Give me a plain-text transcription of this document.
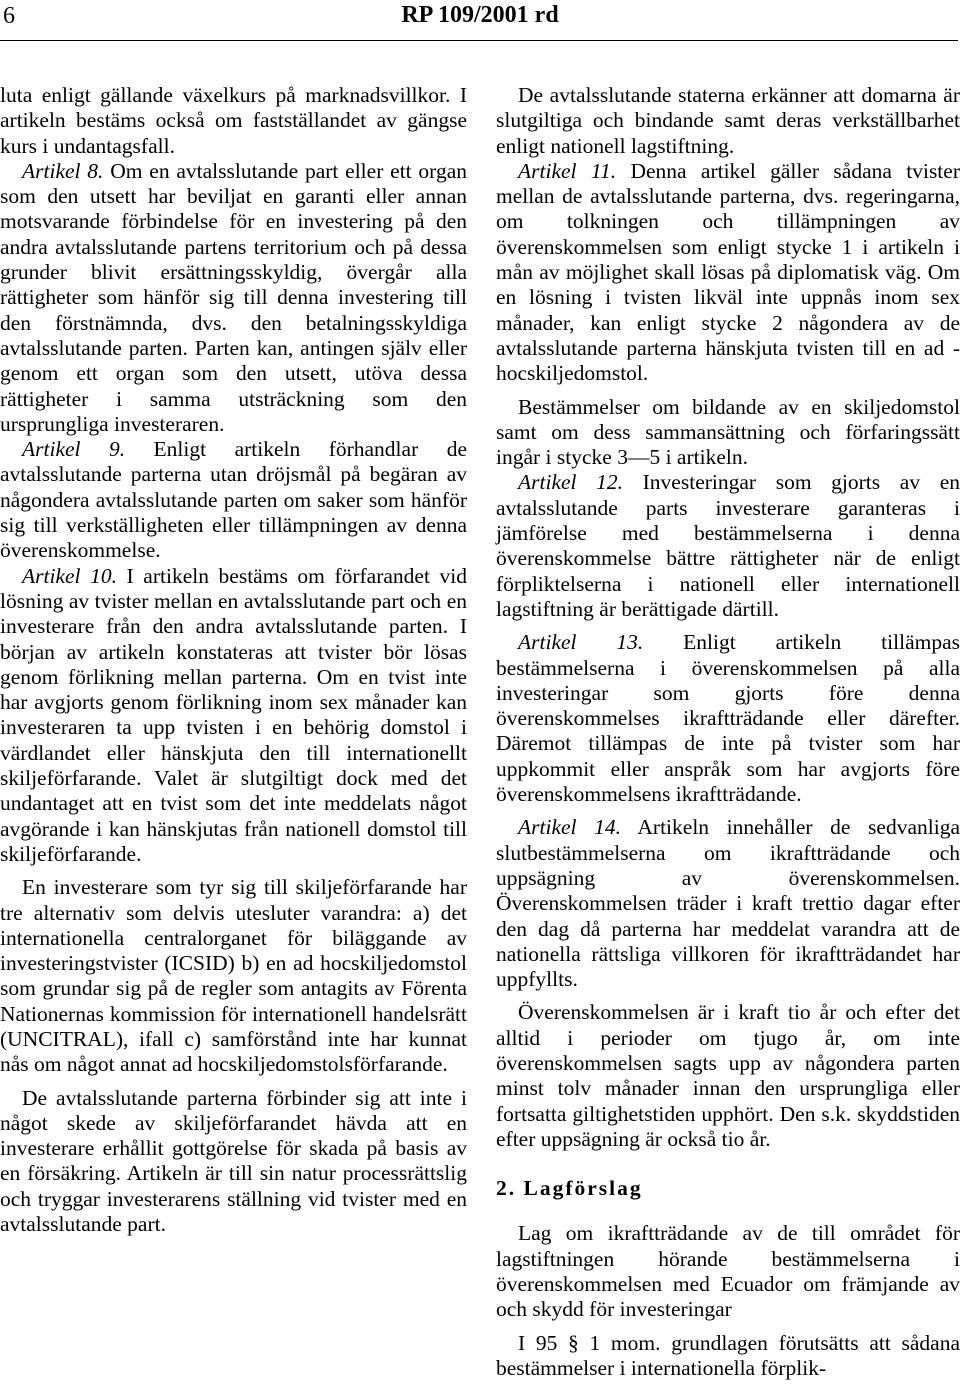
6	RP 109/2001 rd

luta enligt gällande växelkurs på marknadsvillkor. I artikeln bestäms också om fastställandet av gängse kurs i undantagsfall.

Artikel 8. Om en avtalsslutande part eller ett organ som den utsett har beviljat en garanti eller annan motsvarande förbindelse för en investering på den andra avtalsslutande partens territorium och på dessa grunder blivit ersättningsskyldig, övergår alla rättigheter som hänför sig till denna investering till den förstnämnda, dvs. den betalningsskyldiga avtalsslutande parten. Parten kan, antingen själv eller genom ett organ som den utsett, utöva dessa rättigheter i samma utsträckning som den ursprungliga investeraren.

Artikel 9. Enligt artikeln förhandlar de avtalsslutande parterna utan dröjsmål på begäran av någondera avtalsslutande parten om saker som hänför sig till verkställigheten eller tillämpningen av denna överenskommelse.

Artikel 10. I artikeln bestäms om förfarandet vid lösning av tvister mellan en avtalsslutande part och en investerare från den andra avtalsslutande parten. I början av artikeln konstateras att tvister bör lösas genom förlikning mellan parterna. Om en tvist inte har avgjorts genom förlikning inom sex månader kan investeraren ta upp tvisten i en behörig domstol i värdlandet eller hänskjuta den till internationellt skiljeförfarande. Valet är slutgiltigt dock med det undantaget att en tvist som det inte meddelats något avgörande i kan hänskjutas från nationell domstol till skiljeförfarande.

En investerare som tyr sig till skiljeförfarande har tre alternativ som delvis utesluter varandra: a) det internationella centralorganet för biläggande av investeringstvister (ICSID) b) en ad hocskiljedomstol som grundar sig på de regler som antagits av Förenta Nationernas kommission för internationell handelsrätt (UNCITRAL), ifall c) samförstånd inte har kunnat nås om något annat ad hocskiljedomstolsförfarande.

De avtalsslutande parterna förbinder sig att inte i något skede av skiljeförfarandet hävda att en investerare erhållit gottgörelse för skada på basis av en försäkring. Artikeln är till sin natur processrättslig och tryggar investerarens ställning vid tvister med en avtalsslutande part.

De avtalsslutande staterna erkänner att domarna är slutgiltiga och bindande samt deras verkställbarhet enligt nationell lagstiftning.

Artikel 11. Denna artikel gäller sådana tvister mellan de avtalsslutande parterna, dvs. regeringarna, om tolkningen och tillämpningen av överenskommelsen som enligt stycke 1 i artikeln i mån av möjlighet skall lösas på diplomatisk väg. Om en lösning i tvisten likväl inte uppnås inom sex månader, kan enligt stycke 2 någondera av de avtalsslutande parterna hänskjuta tvisten till en ad -hocskiljedomstol.

Bestämmelser om bildande av en skiljedomstol samt om dess sammansättning och förfaringssätt ingår i stycke 3—5 i artikeln.

Artikel 12. Investeringar som gjorts av en avtalsslutande parts investerare garanteras i jämförelse med bestämmelserna i denna överenskommelse bättre rättigheter när de enligt förpliktelserna i nationell eller internationell lagstiftning är berättigade därtill.

Artikel 13. Enligt artikeln tillämpas bestämmelserna i överenskommelsen på alla investeringar som gjorts före denna överenskommelses ikraftträdande eller därefter. Däremot tillämpas de inte på tvister som har uppkommit eller anspråk som har avgjorts före överenskommelsens ikraftträdande.

Artikel 14. Artikeln innehåller de sedvanliga slutbestämmelserna om ikraftträdande och uppsägning av överenskommelsen. Överenskommelsen träder i kraft trettio dagar efter den dag då parterna har meddelat varandra att de nationella rättsliga villkoren för ikraftträdandet har uppfyllts.

Överenskommelsen är i kraft tio år och efter det alltid i perioder om tjugo år, om inte överenskommelsen sagts upp av någondera parten minst tolv månader innan den ursprungliga eller fortsatta giltighetstiden upphört. Den s.k. skyddstiden efter uppsägning är också tio år.

2. Lagförslag

Lag om ikraftträdande av de till området för lagstiftningen hörande bestämmelserna i överenskommelsen med Ecuador om främjande av och skydd för investeringar

I 95 § 1 mom. grundlagen förutsätts att sådana bestämmelser i internationella förplik-
